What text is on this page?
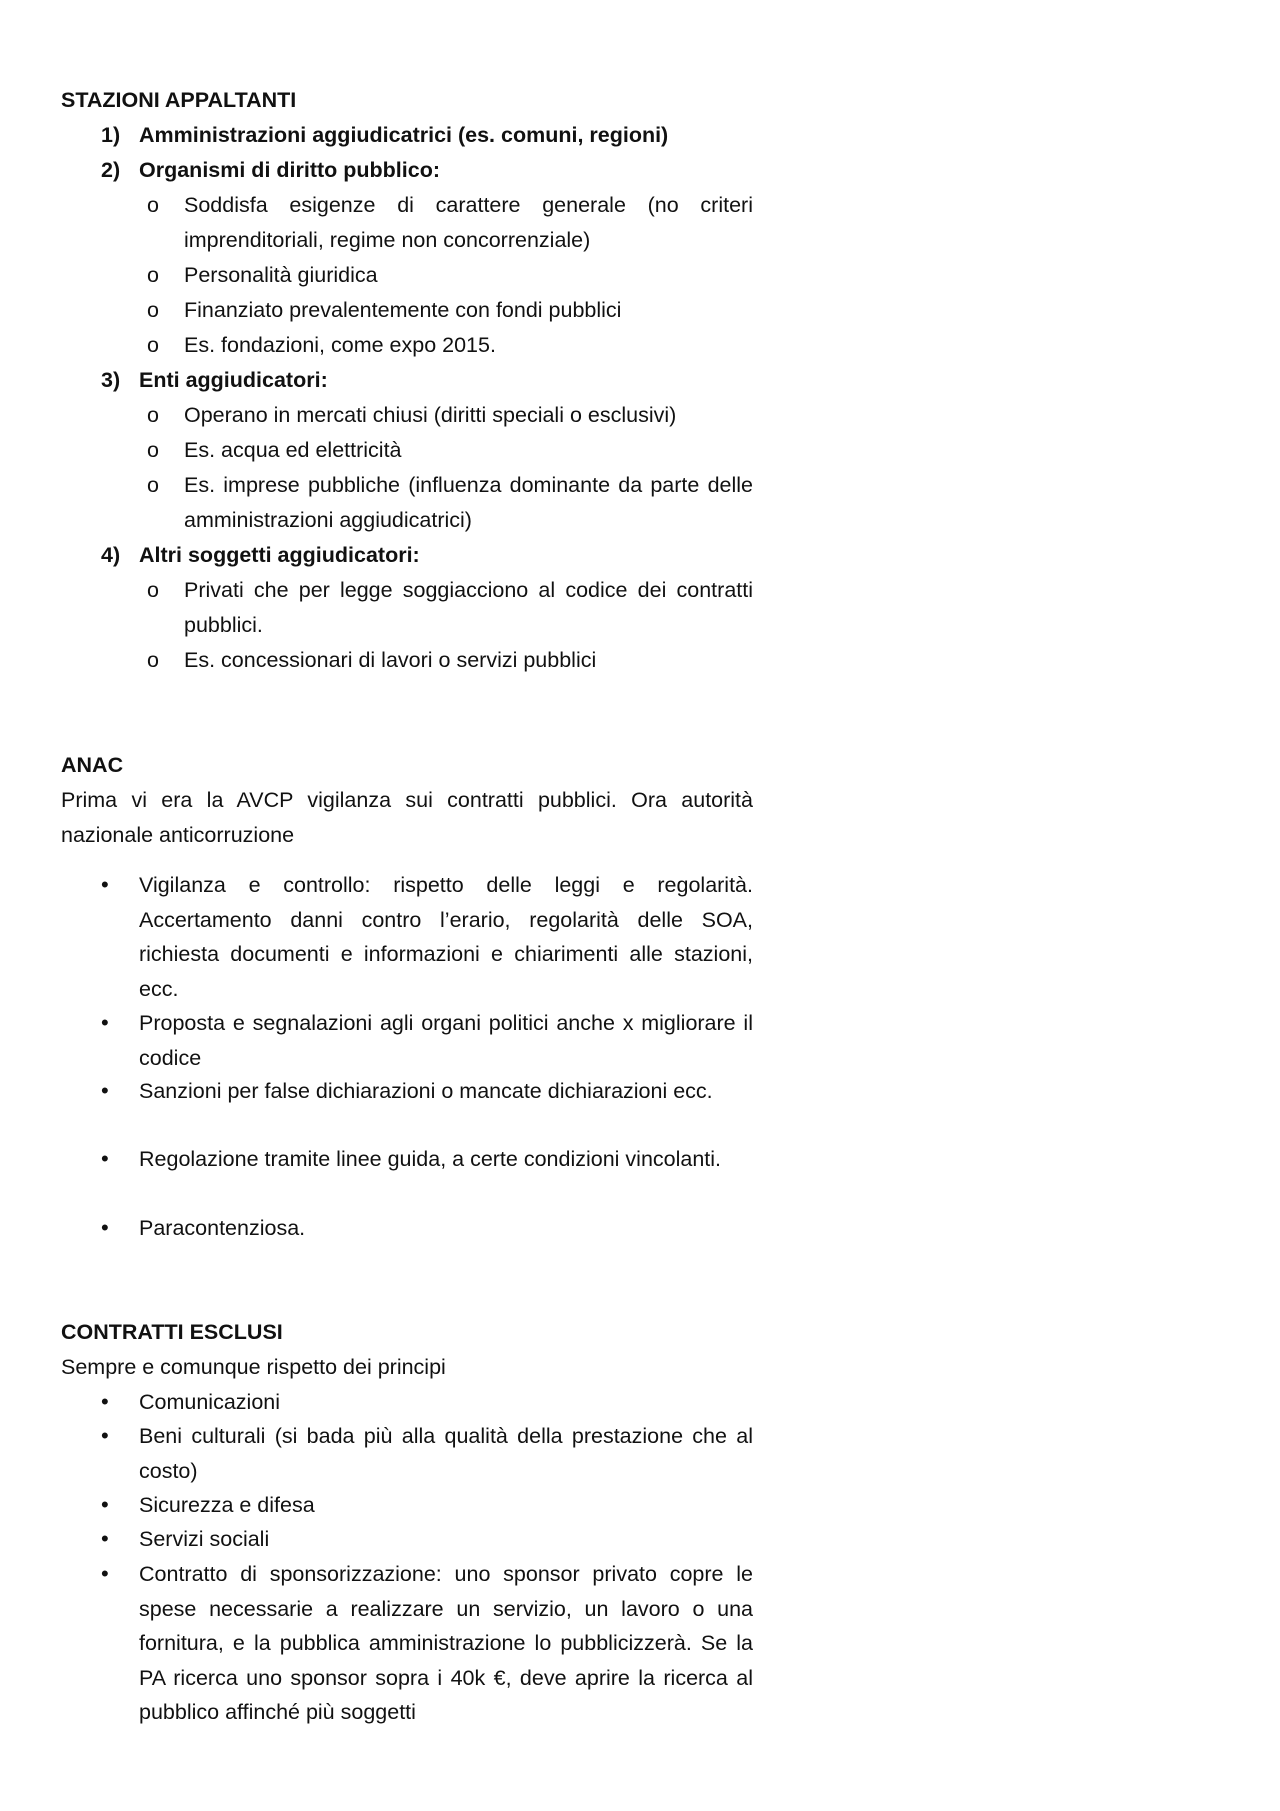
STAZIONI APPALTANTI
1) Amministrazioni aggiudicatrici (es. comuni, regioni)
2) Organismi di diritto pubblico:
o Soddisfa esigenze di carattere generale (no criteri imprenditoriali, regime non concorrenziale)
o Personalità giuridica
o Finanziato prevalentemente con fondi pubblici
o Es. fondazioni, come expo 2015.
3) Enti aggiudicatori:
o Operano in mercati chiusi (diritti speciali o esclusivi)
o Es. acqua ed elettricità
o Es. imprese pubbliche (influenza dominante da parte delle amministrazioni aggiudicatrici)
4) Altri soggetti aggiudicatori:
o Privati che per legge soggiacciono al codice dei contratti pubblici.
o Es. concessionari di lavori o servizi pubblici
ANAC
Prima vi era la AVCP vigilanza sui contratti pubblici. Ora autorità nazionale anticorruzione
• Vigilanza e controllo: rispetto delle leggi e regolarità. Accertamento danni contro l’erario, regolarità delle SOA, richiesta documenti e informazioni e chiarimenti alle stazioni, ecc.
• Proposta e segnalazioni agli organi politici anche x migliorare il codice
• Sanzioni per false dichiarazioni o mancate dichiarazioni ecc.
• Regolazione tramite linee guida, a certe condizioni vincolanti.
• Paracontenziosa.
CONTRATTI ESCLUSI
Sempre e comunque rispetto dei principi
• Comunicazioni
• Beni culturali (si bada più alla qualità della prestazione che al costo)
• Sicurezza e difesa
• Servizi sociali
• Contratto di sponsorizzazione: uno sponsor privato copre le spese necessarie a realizzare un servizio, un lavoro o una fornitura, e la pubblica amministrazione lo pubblicizzerà. Se la PA ricerca uno sponsor sopra i 40k €, deve aprire la ricerca al pubblico affinché più soggetti
